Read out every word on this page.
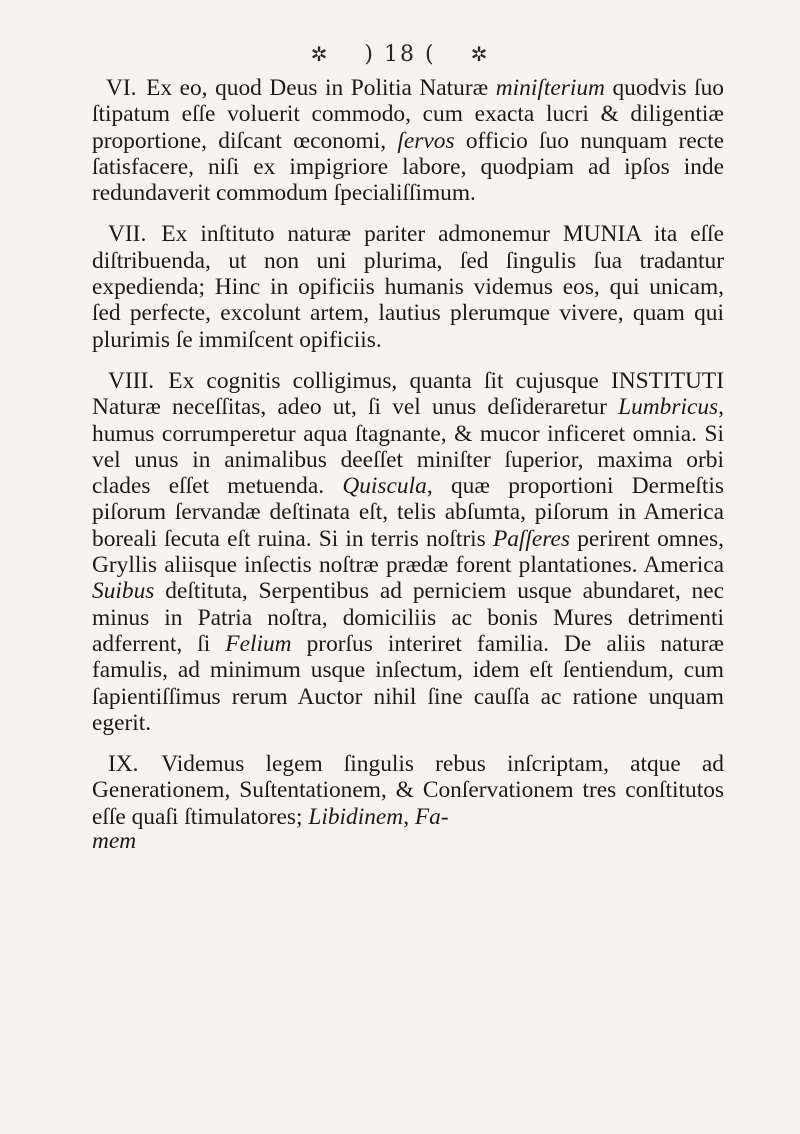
✲ ) 18 ( ✲

VI. Ex eo, quod Deus in Politia Naturæ miniſterium quodvis ſuo ſtipatum eſſe voluerit commodo, cum exacta lucri & diligentiæ proportione, diſcant œconomi, ſervos officio ſuo nunquam recte ſatisfacere, niſi ex impigriore labore, quodpiam ad ipſos inde redundaverit commodum ſpecialiſſimum.

VII. Ex inſtituto naturæ pariter admonemur MUNIA ita eſſe diſtribuenda, ut non uni plurima, ſed ſingulis ſua tradantur expedienda; Hinc in opificiis humanis videmus eos, qui unicam, ſed perfecte, excolunt artem, lautius plerumque vivere, quam qui plurimis ſe immiſcent opificiis.

VIII. Ex cognitis colligimus, quanta ſit cujusque INSTITUTI Naturæ neceſſitas, adeo ut, ſi vel unus deſideraretur Lumbricus, humus corrumperetur aqua ſtagnante, & mucor inficeret omnia. Si vel unus in animalibus deeſſet miniſter ſuperior, maxima orbi clades eſſet metuenda. Quiscula, quæ proportioni Dermeſtis piſorum ſervandæ deſtinata eſt, telis abſumta, piſorum in America boreali ſecuta eſt ruina. Si in terris noſtris Paſſeres perirent omnes, Gryllis aliisque inſectis noſtræ prædæ forent plantationes. America Suibus deſtituta, Serpentibus ad perniciem usque abundaret, nec minus in Patria noſtra, domiciliis ac bonis Mures detrimenti adferrent, ſi Felium prorſus interiret familia. De aliis naturæ famulis, ad minimum usque inſectum, idem eſt ſentiendum, cum ſapientiſſimus rerum Auctor nihil ſine cauſſa ac ratione unquam egerit.

IX. Videmus legem ſingulis rebus inſcriptam, atque ad Generationem, Suſtentationem, & Conſervationem tres conſtitutos eſſe quaſi ſtimulatores; Libidinem, Fa-
mem
